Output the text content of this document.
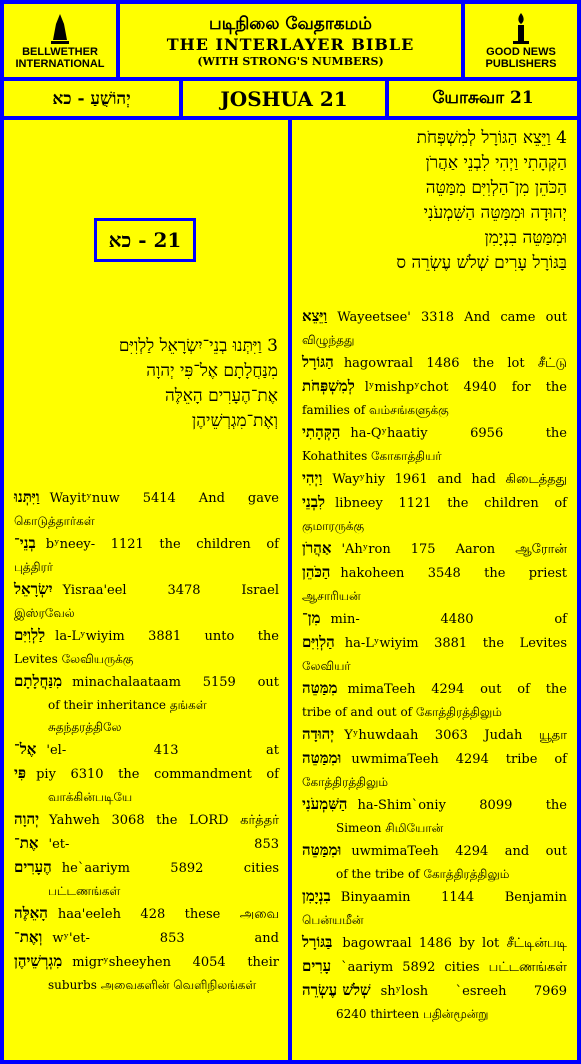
BELLWETHER
INTERNATIONAL
படிநிலை வேதாகமம்
THE INTERLAYER BIBLE
(WITH STRONG'S NUMBERS)
GOOD NEWS
PUBLISHERS
יְהוֹשֻׁעַ - כא	JOSHUA 21	யோசுவா 21
21 - כא
3 וַיִּתְּנוּ בְנֵי־יִשְׂרָאֵל לַלְוִיִּם
מִנַּחֲלָתָם אֶל־פִּי יְהוָה
אֶת־הֶעָרִים הָאֵלֶּה
וְאֶת־מִגְרְשֵׁיהֶן
וַיִּתְּנוּ Wayitʸnuw 5414 And gave
கொடுத்தார்கள்
בְנֵי־ bʸneey- 1121 the children of
புத்திரர்
יִשְׂרָאֵל Yisraa'eel 3478 Israel
இஸ்ரவேல்
לַלְוִיִּם la-Lʸwiyim 3881 unto the
Levites லேவியருக்கு
מִנַּחֲלָתָם minachalaataam 5159 out
of their inheritance தங்கள் சுதந்தரத்திலே
אֶל־ 'el- 413 at
פִּי piy 6310 the commandment of
வாக்கின்படியே
יְהוָה Yahweh 3068 the LORD கர்த்தர்
אֶת־ 'et- 853
הֶעָרִים he`aariym 5892 cities
பட்டணங்கள்
הָאֵלֶּה haa'eeleh 428 these அவை
וְאֶת־ wʸ'et- 853 and
מִגְרְשֵׁיהֶן migrʸsheeyhen 4054 their
suburbs அவைகளின் வெளிநிலங்கள்
4 וַיֵּצֵא הַגּוֹרָל לְמִשְׁפְּחֹת
הַקְּהָתִי וַיְהִי לִבְנֵי אַהֲרֹן
הַכֹּהֵן מִן־הַלְוִיִּם מִמַּטֵּה
יְהוּדָה וּמִמַּטֵּה הַשִּׁמְעֹנִי
וּמִמַּטֵּה בִנְיָמִן
בַּגּוֹרָל עָרִים שְׁלֹשׁ עֶשְׂרֵה ס
וַיֵּצֵא Wayeetsee' 3318 And came out
விழுந்தது
הַגּוֹרָל hagowraal 1486 the lot சீட்டு
לְמִשְׁפְּחֹת lʸmishpʸchot 4940 for the
families of வம்சங்களுக்கு
הַקְּהָתִי ha-Qʸhaatiy 6956 the
Kohathites கோகாத்தியர்
וַיְהִי Wayʸhiy 1961 and had கிடைத்தது
לִבְנֵי libneey 1121 the children of
குமாரருக்கு
אַהֲרֹן 'Ahʸron 175 Aaron ஆரோன்
הַכֹּהֵן hakoheen 3548 the priest
ஆசாரியன்
מִן־ min- 4480 of
הַלְוִיִּם ha-Lʸwiyim 3881 the Levites
லேவியர்
מִמַּטֵּה mimaTeeh 4294 out of the
tribe of and out of கோத்திரத்திலும்
יְהוּדָה Yʸhuwdaah 3063 Judah யூதா
וּמִמַּטֵּה uwmimaTeeh 4294 tribe of
கோத்திரத்திலும்
הַשִּׁמְעֹנִי ha-Shim`oniy 8099 the
Simeon சிமியோன்
וּמִמַּטֵּה uwmimaTeeh 4294 and out
of the tribe of கோத்திரத்திலும்
בִנְיָמִן Binyaamin 1144 Benjamin
பென்யமீன்
בַּגּוֹרָל bagowraal 1486 by lot சீட்டின்படி
עָרִים `aariym 5892 cities பட்டணங்கள்
שְׁלֹשׁ עֶשְׂרֵה shʸlosh `esreeh 7969
6240 thirteen பதின்மூன்று
